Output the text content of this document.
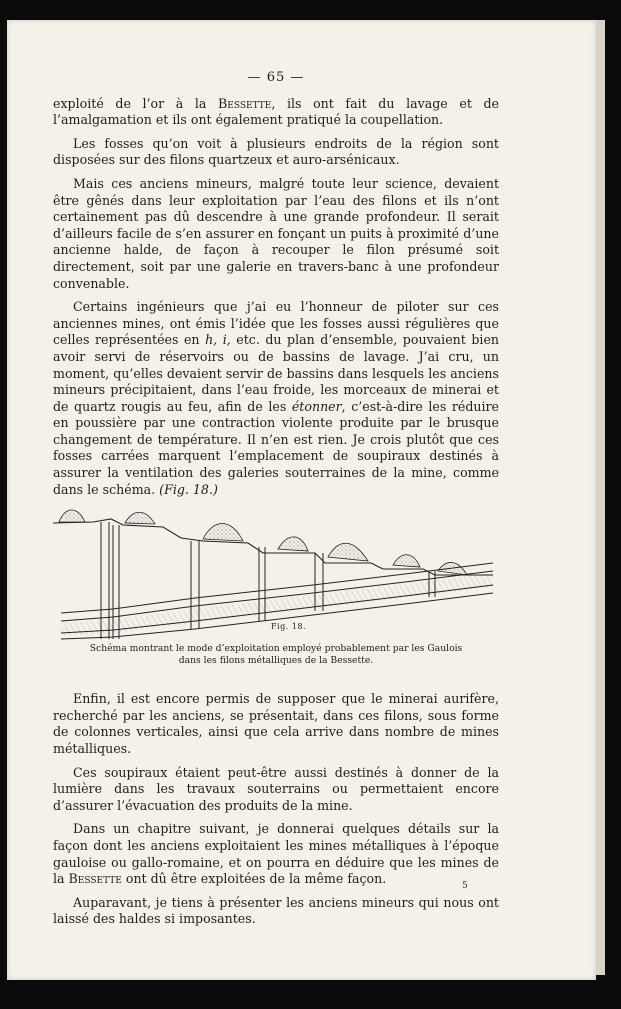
— 65 —

exploité de l’or à la Bessette, ils ont fait du lavage et de l’amalgamation et ils ont également pratiqué la coupellation.

Les fosses qu’on voit à plusieurs endroits de la région sont disposées sur des filons quartzeux et auro-arsénicaux.

Mais ces anciens mineurs, malgré toute leur science, devaient être gênés dans leur exploitation par l’eau des filons et ils n’ont certainement pas dû descendre à une grande profondeur. Il serait d’ailleurs facile de s’en assurer en fonçant un puits à proximité d’une ancienne halde, de façon à recouper le filon présumé soit directement, soit par une galerie en travers-banc à une profondeur convenable.

Certains ingénieurs que j’ai eu l’honneur de piloter sur ces anciennes mines, ont émis l’idée que les fosses aussi régulières que celles représentées en h, i, etc. du plan d’ensemble, pouvaient bien avoir servi de réservoirs ou de bassins de lavage. J’ai cru, un moment, qu’elles devaient servir de bassins dans lesquels les anciens mineurs précipitaient, dans l’eau froide, les morceaux de minerai et de quartz rougis au feu, afin de les étonner, c’est-à-dire les réduire en poussière par une contraction violente produite par le brusque changement de température. Il n’en est rien. Je crois plutôt que ces fosses carrées marquent l’emplacement de soupiraux destinés à assurer la ventilation des galeries souterraines de la mine, comme dans le schéma. (Fig. 18.)

Fig. 18.
Schéma montrant le mode d’exploitation employé probablement par les Gaulois
dans les filons métalliques de la Bessette.

Enfin, il est encore permis de supposer que le minerai aurifère, recherché par les anciens, se présentait, dans ces filons, sous forme de colonnes verticales, ainsi que cela arrive dans nombre de mines métalliques.

Ces soupiraux étaient peut-être aussi destinés à donner de la lumière dans les travaux souterrains ou permettaient encore d’assurer l’évacuation des produits de la mine.

Dans un chapitre suivant, je donnerai quelques détails sur la façon dont les anciens exploitaient les mines métalliques à l’époque gauloise ou gallo-romaine, et on pourra en déduire que les mines de la Bessette ont dû être exploitées de la même façon.

Auparavant, je tiens à présenter les anciens mineurs qui nous ont laissé des haldes si imposantes.

5
